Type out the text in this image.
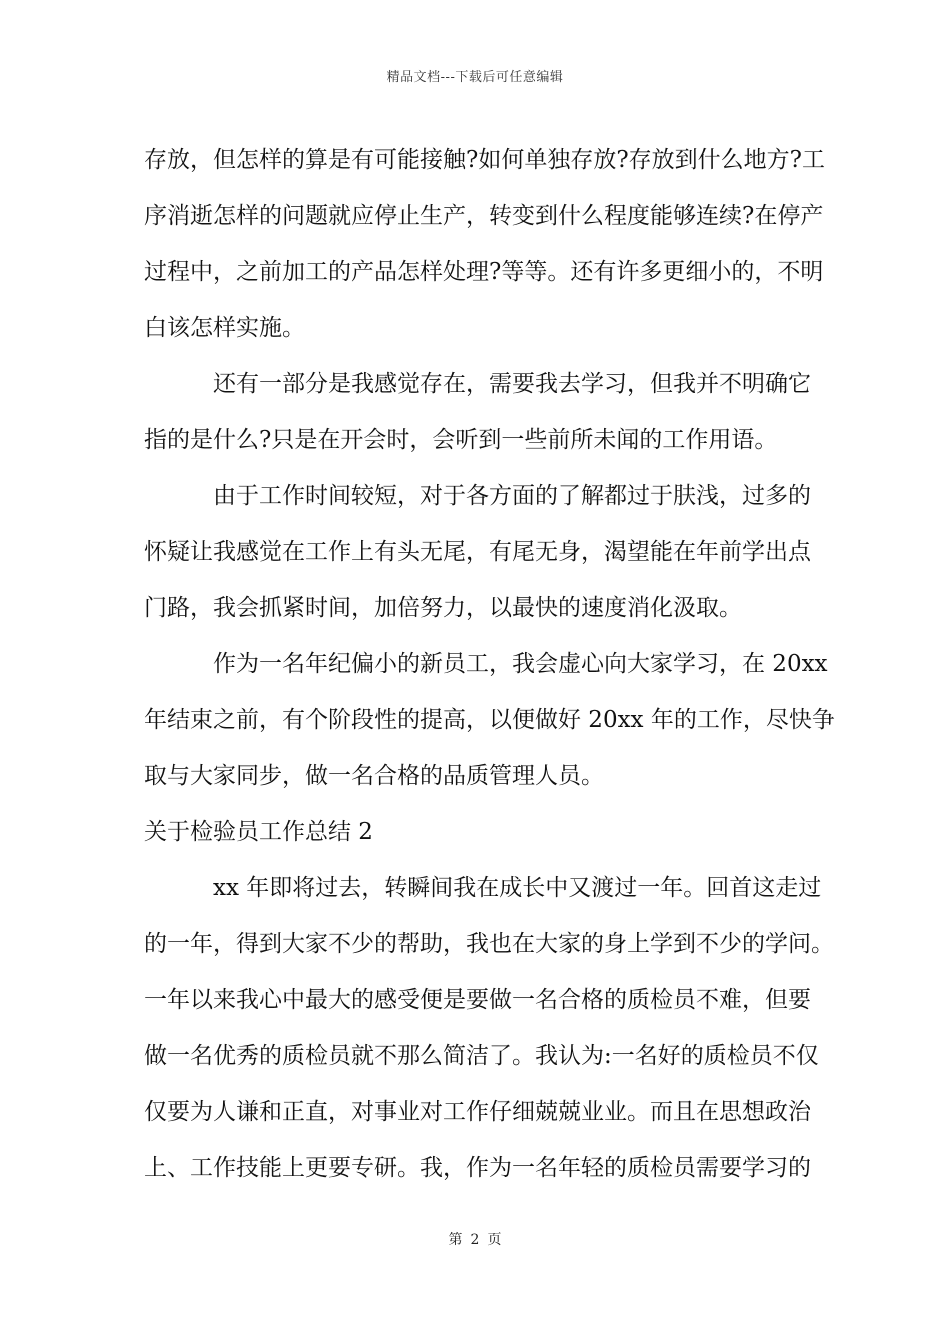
精品文档---下载后可任意编辑
存放，但怎样的算是有可能接触?如何单独存放?存放到什么地方?工
序消逝怎样的问题就应停止生产，转变到什么程度能够连续?在停产
过程中，之前加工的产品怎样处理?等等。还有许多更细小的，不明
白该怎样实施。
　　　还有一部分是我感觉存在，需要我去学习，但我并不明确它
指的是什么?只是在开会时，会听到一些前所未闻的工作用语。
　　　由于工作时间较短，对于各方面的了解都过于肤浅，过多的
怀疑让我感觉在工作上有头无尾，有尾无身，渴望能在年前学出点
门路，我会抓紧时间，加倍努力，以最快的速度消化汲取。
　　　作为一名年纪偏小的新员工，我会虚心向大家学习，在 20xx
年结束之前，有个阶段性的提高，以便做好 20xx 年的工作，尽快争
取与大家同步，做一名合格的品质管理人员。
关于检验员工作总结 2
　　　xx 年即将过去，转瞬间我在成长中又渡过一年。回首这走过
的一年，得到大家不少的帮助，我也在大家的身上学到不少的学问。
一年以来我心中最大的感受便是要做一名合格的质检员不难，但要
做一名优秀的质检员就不那么简洁了。我认为:一名好的质检员不仅
仅要为人谦和正直，对事业对工作仔细兢兢业业。而且在思想政治
上、工作技能上更要专研。我，作为一名年轻的质检员需要学习的
第 2 页
